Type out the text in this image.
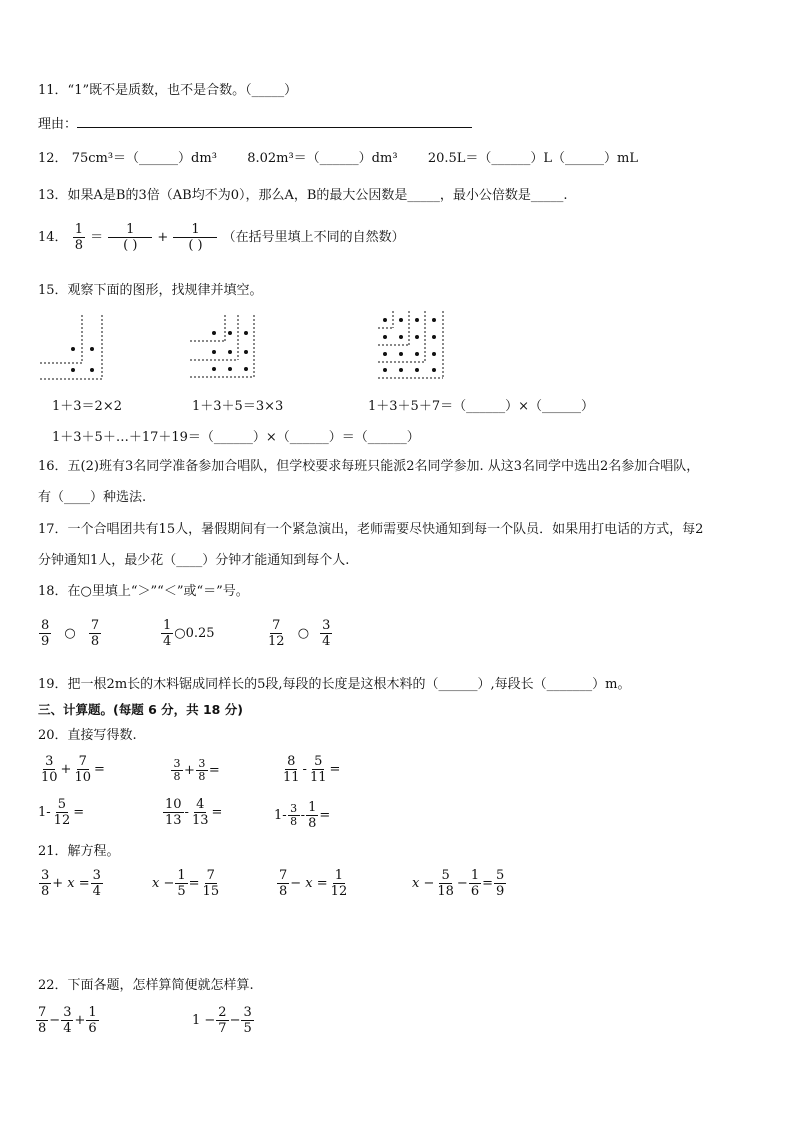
11．“1”既不是质数，也不是合数。（_____）
理由：
12． 75cm³＝（______）dm³ 8.02m³＝（______）dm³ 20.5L＝（______）L（______）mL
13．如果A是B的3倍（AB均不为0），那么A，B的最大公因数是_____，最小公倍数是_____.
14． $\frac{1}{8} = \frac{1}{( )} + \frac{1}{( )}$ （在括号里填上不同的自然数）
15．观察下面的图形，找规律并填空。
1＋3＝2×2	1＋3＋5＝3×3	1＋3＋5＋7＝（______）×（______）
1＋3＋5＋…＋17＋19＝（______）×（______）＝（______）
16．五(2)班有3名同学准备参加合唱队，但学校要求每班只能派2名同学参加. 从这3名同学中选出2名参加合唱队，
有（____）种选法.
17．一个合唱团共有15人，暑假期间有一个紧急演出，老师需要尽快通知到每一个队员．如果用打电话的方式，每2
分钟通知1人，最少花（____）分钟才能通知到每个人.
18．在○里填上“＞”“＜”或“＝”号。
$\frac{8}{9}$ ○ $\frac{7}{8}$	$\frac{1}{4}$ ○0.25	$\frac{7}{12}$ ○ $\frac{3}{4}$
19．把一根2m长的木料锯成同样长的5段,每段的长度是这根木料的（______）,每段长（_______）m。
三、计算题。(每题 6 分，共 18 分)
20．直接写得数.
$\frac{3}{10} + \frac{7}{10}$ =	$\frac{3}{8} + \frac{3}{8}$ =	$\frac{8}{11} - \frac{5}{11}$ =
$1- \frac{5}{12}$ =	$\frac{10}{13} - \frac{4}{13}$ =	$1- \frac{3}{8} - \frac{1}{8}$ =
21．解方程。
$\frac{3}{8} + x = \frac{3}{4}$	$x - \frac{1}{5} = \frac{7}{15}$	$\frac{7}{8} - x = \frac{1}{12}$	$x - \frac{5}{18} - \frac{1}{6} = \frac{5}{9}$
22．下面各题，怎样算简便就怎样算.
$\frac{7}{8} - \frac{3}{4} + \frac{1}{6}$	$1 - \frac{2}{7} - \frac{3}{5}$
